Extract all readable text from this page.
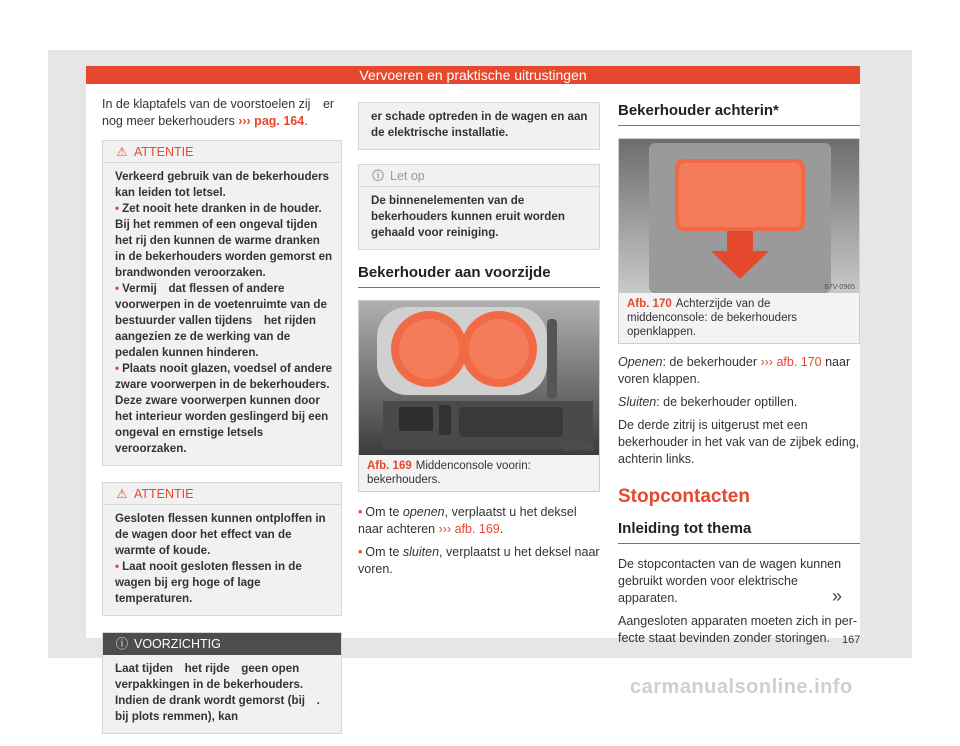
Vervoeren en praktische uitrustingen
In de klaptafels van de voorstoelen zij er nog meer bekerhouders ››› pag. 164.
⚠ ATTENTIE
Verkeerd gebruik van de bekerhouders kan leiden tot letsel.
• Zet nooit hete dranken in de houder. Bij het remmen of een ongeval tijden het rij den kunnen de warme dranken in de bekerhouders worden gemorst en brandwonden veroorzaken.
• Vermij dat flessen of andere voorwerpen in de voetenruimte van de bestuurder vallen tijdens het rijden aangezien ze de werking van de pedalen kunnen hinderen.
• Plaats nooit glazen, voedsel of andere zware voorwerpen in de bekerhouders. Deze zware voorwerpen kunnen door het interieur worden geslingerd bij een ongeval en ernstige letsels veroorzaken.
⚠ ATTENTIE
Gesloten flessen kunnen ontploffen in de wagen door het effect van de warmte of koude.
• Laat nooit gesloten flessen in de wagen bij erg hoge of lage temperaturen.
ⓘ VOORZICHTIG
Laat tijden het rijde geen open verpakkingen in de bekerhouders. Indien de drank wordt gemorst (bij . bij plots remmen), kan
er schade optreden in de wagen en aan de elektrische installatie.
🛈 Let op
De binnenelementen van de bekerhouders kunnen eruit worden gehaald voor reiniging.
Bekerhouder aan voorzijde
B7V-0964
Afb. 169 Middenconsole voorin: bekerhouders.
• Om te openen, verplaatst u het deksel naar achteren ››› afb. 169.
• Om te sluiten, verplaatst u het deksel naar voren.
Bekerhouder achterin*
B7V-0965
Afb. 170 Achterzijde van de middenconsole: de bekerhouders openklappen.
Openen: de bekerhouder ››› afb. 170 naar voren klappen.
Sluiten: de bekerhouder optillen.
De derde zitrij is uitgerust met een bekerhouder in het vak van de zijbek eding, achterin links.
Stopcontacten
Inleiding tot thema
De stopcontacten van de wagen kunnen gebruikt worden voor elektrische apparaten.
Aangesloten apparaten moeten zich in perfecte staat bevinden zonder storingen.
»
167
carmanualsonline.info
